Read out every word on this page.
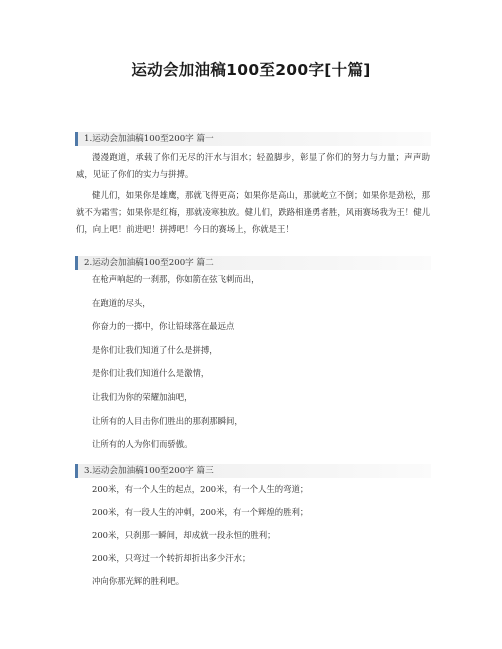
运动会加油稿100至200字[十篇]
1.运动会加油稿100至200字 篇一

漫漫跑道，承载了你们无尽的汗水与泪水；轻盈脚步，彰显了你们的努力与力量；声声助威，见证了你们的实力与拼搏。

健儿们，如果你是雄鹰，那就飞得更高；如果你是高山，那就屹立不倒；如果你是劲松，那就不为霜雪；如果你是红梅，那就凌寒独放。健儿们，跌路相逢勇者胜，风雨赛场我为王！健儿们，向上吧！前进吧！拼搏吧！今日的赛场上，你就是王！

2.运动会加油稿100至200字 篇二

在枪声响起的一刹那，你如箭在弦飞刺而出，

在跑道的尽头，

你奋力的一掷中，你让铅球落在最远点

是你们让我们知道了什么是拼搏，

是你们让我们知道什么是激情，

让我们为你的荣耀加油吧，

让所有的人目击你们胜出的那刹那瞬间，

让所有的人为你们而骄傲。

3.运动会加油稿100至200字 篇三

200米，有一个人生的起点，200米，有一个人生的弯道；

200米，有一段人生的冲刺，200米，有一个辉煌的胜利；

200米，只刹那一瞬间，却成就一段永恒的胜利；

200米，只弯过一个转折却折出多少汗水；

冲向你那光辉的胜利吧。
